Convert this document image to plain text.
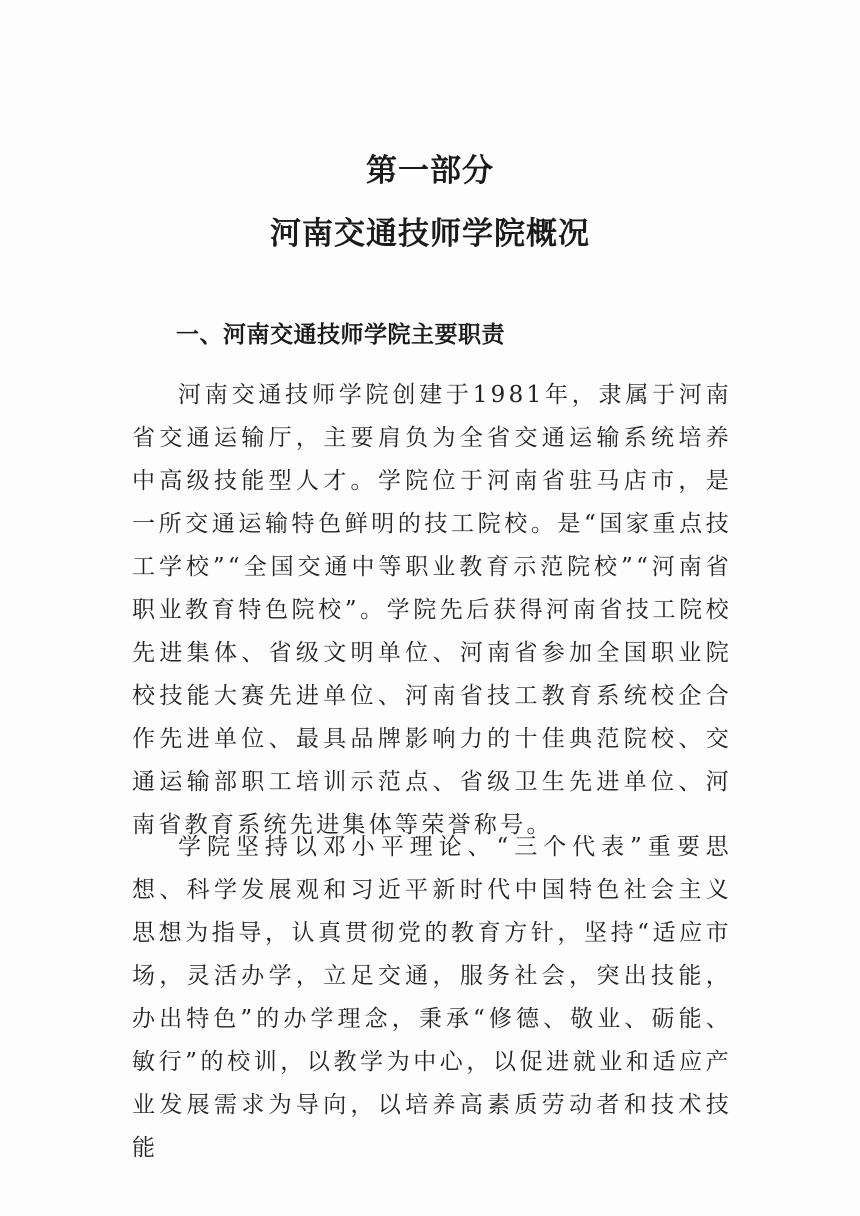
第一部分
河南交通技师学院概况
一、河南交通技师学院主要职责

河南交通技师学院创建于1981年，隶属于河南省交通运输厅，主要肩负为全省交通运输系统培养中高级技能型人才。学院位于河南省驻马店市，是一所交通运输特色鲜明的技工院校。是“国家重点技工学校”“全国交通中等职业教育示范院校”“河南省职业教育特色院校”。学院先后获得河南省技工院校先进集体、省级文明单位、河南省参加全国职业院校技能大赛先进单位、河南省技工教育系统校企合作先进单位、最具品牌影响力的十佳典范院校、交通运输部职工培训示范点、省级卫生先进单位、河南省教育系统先进集体等荣誉称号。

学院坚持以邓小平理论、“三个代表”重要思想、科学发展观和习近平新时代中国特色社会主义思想为指导，认真贯彻党的教育方针，坚持“适应市场，灵活办学，立足交通，服务社会，突出技能，办出特色”的办学理念，秉承“修德、敬业、砺能、敏行”的校训，以教学为中心，以促进就业和适应产业发展需求为导向，以培养高素质劳动者和技术技能
